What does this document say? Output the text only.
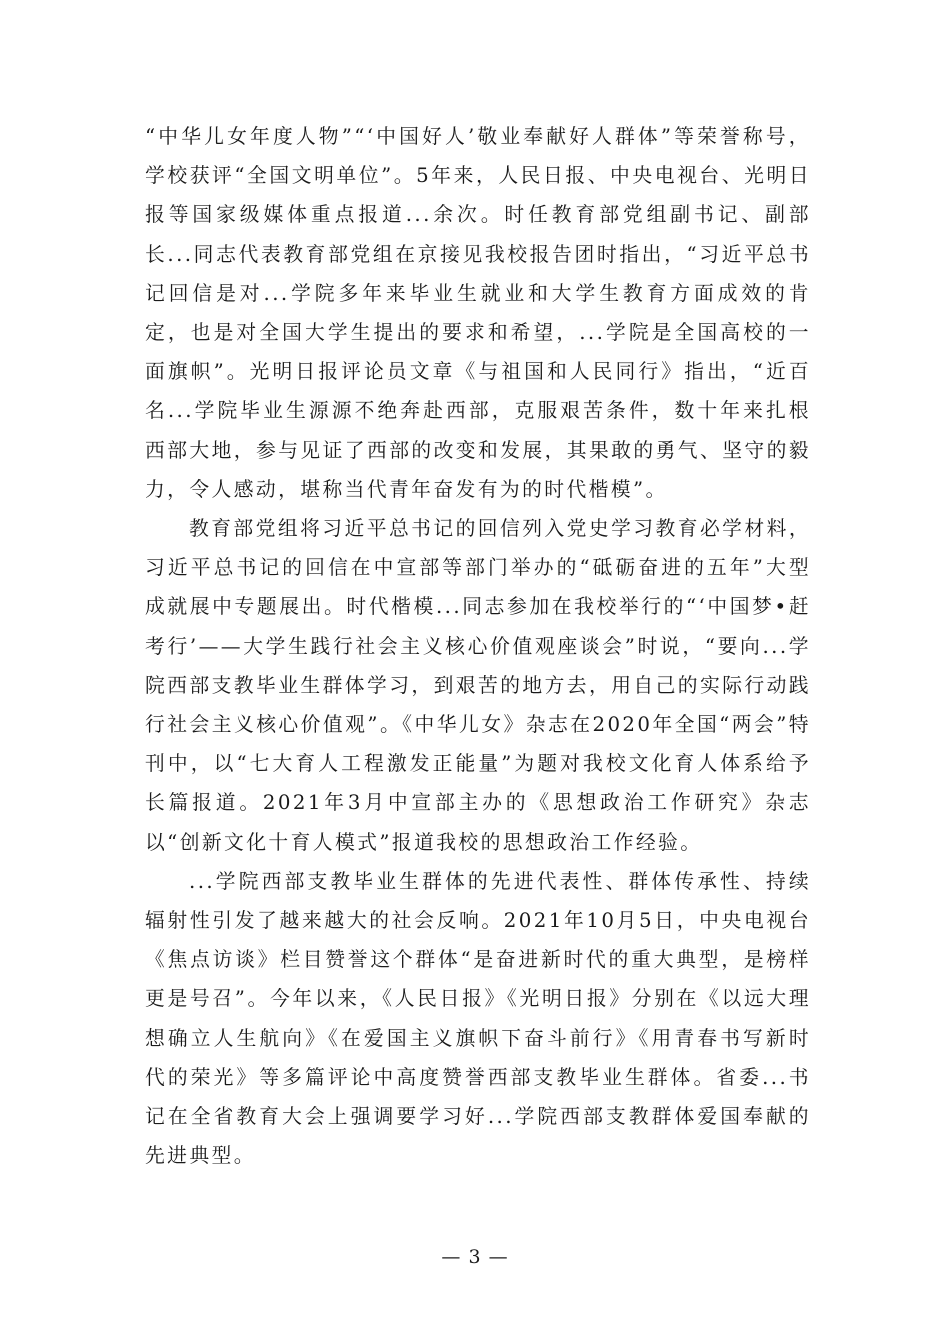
“中华儿女年度人物”“‘中国好人’敬业奉献好人群体”等荣誉称号，学校获评“全国文明单位”。5年来，人民日报、中央电视台、光明日报等国家级媒体重点报道...余次。时任教育部党组副书记、副部长...同志代表教育部党组在京接见我校报告团时指出，“习近平总书记回信是对...学院多年来毕业生就业和大学生教育方面成效的肯定，也是对全国大学生提出的要求和希望，...学院是全国高校的一面旗帜”。光明日报评论员文章《与祖国和人民同行》指出，“近百名...学院毕业生源源不绝奔赴西部，克服艰苦条件，数十年来扎根西部大地，参与见证了西部的改变和发展，其果敢的勇气、坚守的毅力，令人感动，堪称当代青年奋发有为的时代楷模”。

教育部党组将习近平总书记的回信列入党史学习教育必学材料，习近平总书记的回信在中宣部等部门举办的“砥砺奋进的五年”大型成就展中专题展出。时代楷模...同志参加在我校举行的“‘中国梦•赶考行’——大学生践行社会主义核心价值观座谈会”时说，“要向...学院西部支教毕业生群体学习，到艰苦的地方去，用自己的实际行动践行社会主义核心价值观”。《中华儿女》杂志在2020年全国“两会”特刊中，以“七大育人工程激发正能量”为题对我校文化育人体系给予长篇报道。2021年3月中宣部主办的《思想政治工作研究》杂志以“创新文化十育人模式”报道我校的思想政治工作经验。

...学院西部支教毕业生群体的先进代表性、群体传承性、持续辐射性引发了越来越大的社会反响。2021年10月5日，中央电视台《焦点访谈》栏目赞誉这个群体“是奋进新时代的重大典型，是榜样更是号召”。今年以来，《人民日报》《光明日报》分别在《以远大理想确立人生航向》《在爱国主义旗帜下奋斗前行》《用青春书写新时代的荣光》等多篇评论中高度赞誉西部支教毕业生群体。省委...书记在全省教育大会上强调要学习好...学院西部支教群体爱国奉献的先进典型。

— 3 —
